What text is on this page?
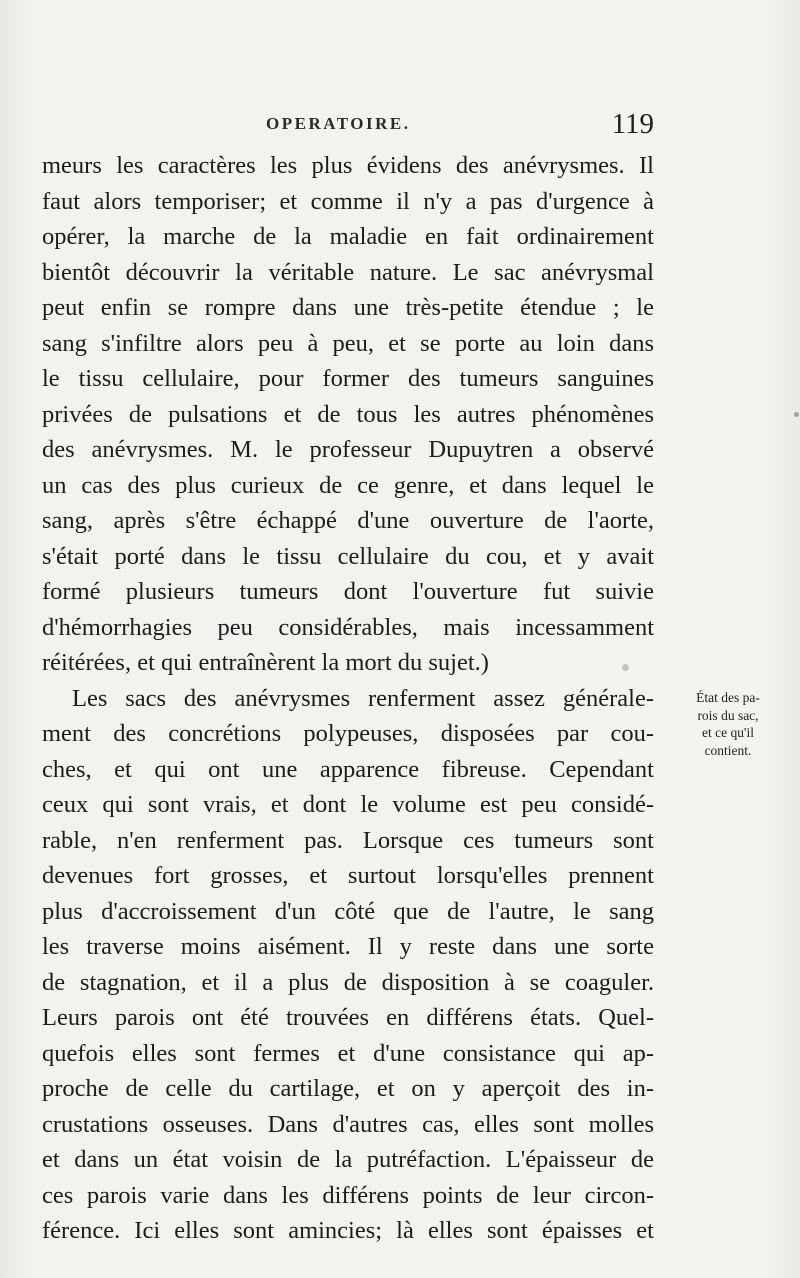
OPERATOIRE.	119
meurs les caractères les plus évidens des anévrysmes. Il
faut alors temporiser; et comme il n'y a pas d'urgence à
opérer, la marche de la maladie en fait ordinairement
bientôt découvrir la véritable nature. Le sac anévrysmal
peut enfin se rompre dans une très-petite étendue ; le
sang s'infiltre alors peu à peu, et se porte au loin dans
le tissu cellulaire, pour former des tumeurs sanguines
privées de pulsations et de tous les autres phénomènes
des anévrysmes. M. le professeur Dupuytren a observé
un cas des plus curieux de ce genre, et dans lequel le
sang, après s'être échappé d'une ouverture de l'aorte,
s'était porté dans le tissu cellulaire du cou, et y avait
formé plusieurs tumeurs dont l'ouverture fut suivie
d'hémorrhagies peu considérables, mais incessamment
réitérées, et qui entraînèrent la mort du sujet.)
Les sacs des anévrysmes renferment assez générale-
ment des concrétions polypeuses, disposées par cou-
ches, et qui ont une apparence fibreuse. Cependant
ceux qui sont vrais, et dont le volume est peu considé-
rable, n'en renferment pas. Lorsque ces tumeurs sont
devenues fort grosses, et surtout lorsqu'elles prennent
plus d'accroissement d'un côté que de l'autre, le sang
les traverse moins aisément. Il y reste dans une sorte
de stagnation, et il a plus de disposition à se coaguler.
Leurs parois ont été trouvées en différens états. Quel-
quefois elles sont fermes et d'une consistance qui ap-
proche de celle du cartilage, et on y aperçoit des in-
crustations osseuses. Dans d'autres cas, elles sont molles
et dans un état voisin de la putréfaction. L'épaisseur de
ces parois varie dans les différens points de leur circon-
férence. Ici elles sont amincies; là elles sont épaisses et
État des pa-
rois du sac,
et ce qu'il
contient.
